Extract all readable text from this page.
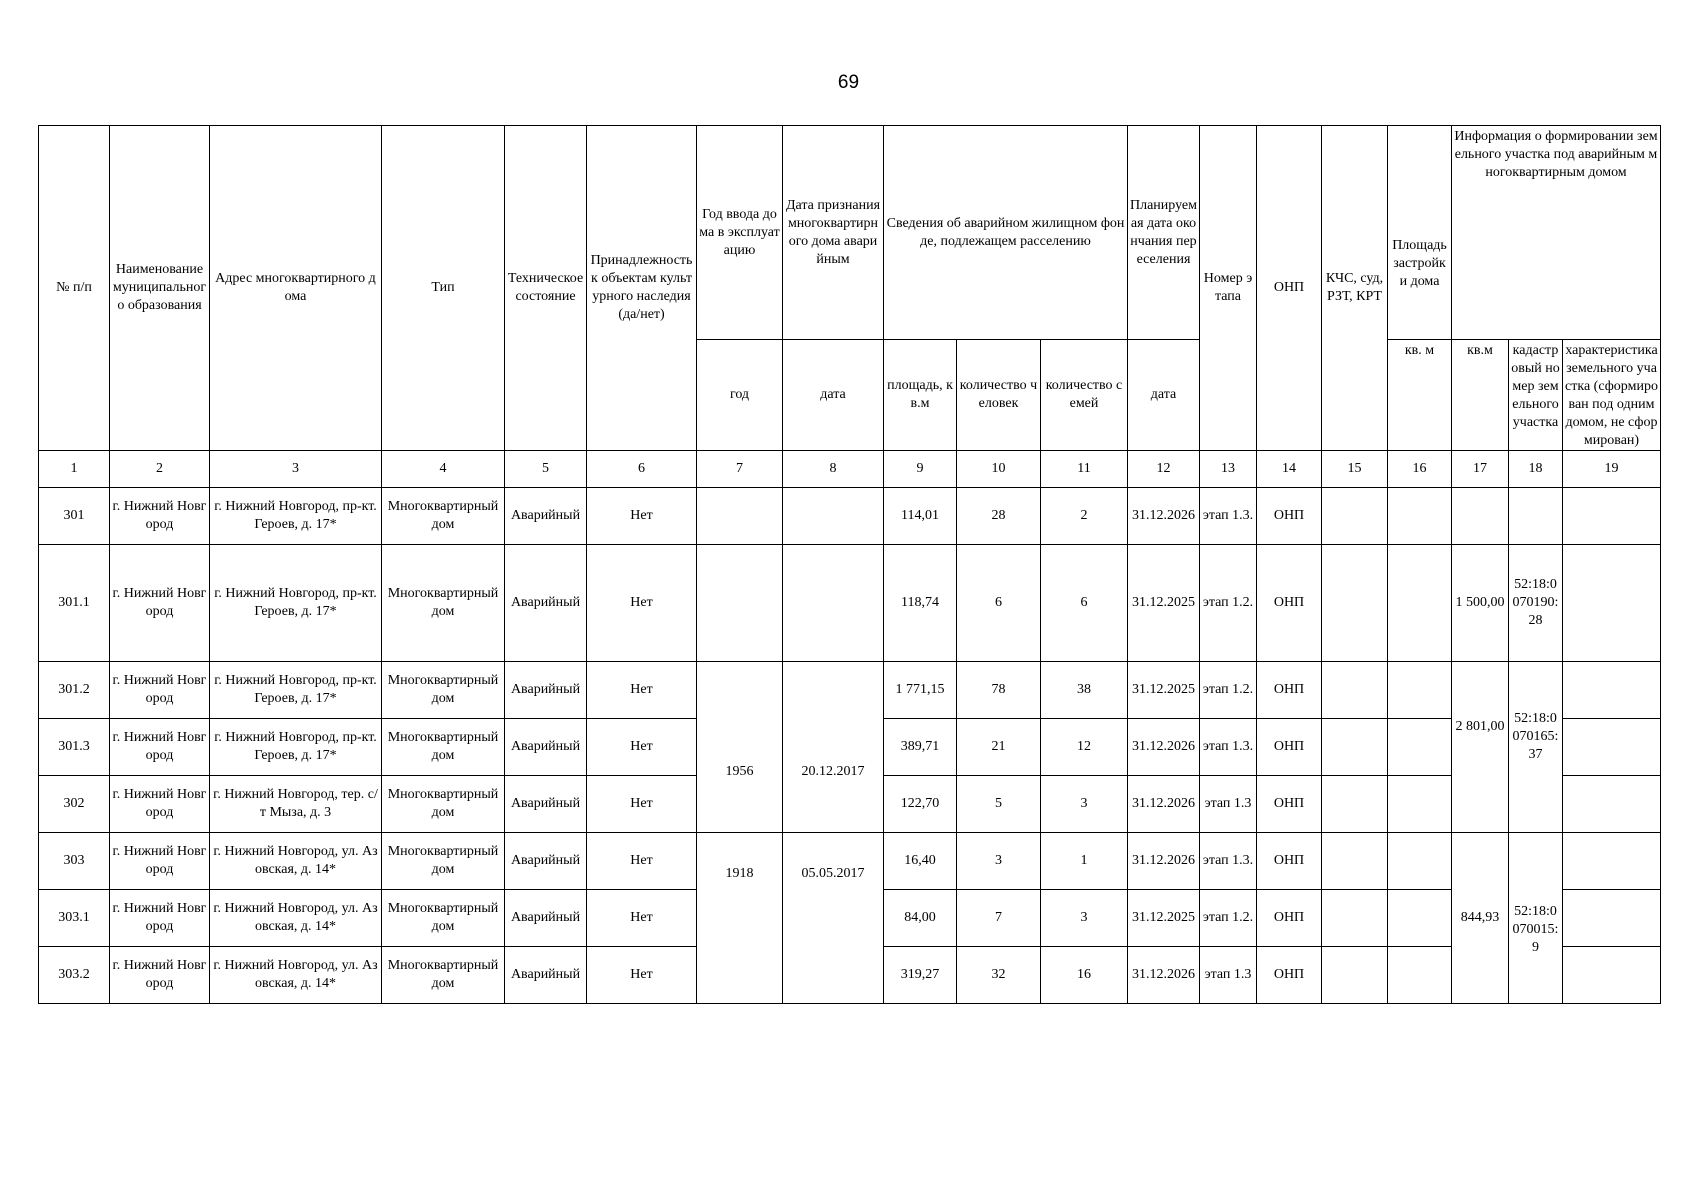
69
№ п/п	Наименование муниципального образования	Адрес многоквартирного дома	Тип	Техническое состояние	Принадлежность к объектам культурного наследия (да/нет)	Год ввода дома в эксплуатацию	Дата признания многоквартирного дома аварийным	Сведения об аварийном жилищном фонде, подлежащем расселению			Планируемая дата окончания переселения	Номер этапа	ОНП	КЧС, суд, РЗТ, КРТ	Площадь застройки дома	Информация о формировании земельного участка под аварийным многоквартирным домом		
						год	дата	площадь, кв.м	количество человек	количество семей	дата				кв. м	кв.м	кадастровый номер земельного участка	характеристика земельного участка (сформирован под одним домом, не сформирован)
1	2	3	4	5	6	7	8	9	10	11	12	13	14	15	16	17	18	19
301	г. Нижний Новгород	г. Нижний Новгород, пр-кт. Героев, д. 17*	Многоквартирный дом	Аварийный	Нет			114,01	28	2	31.12.2026	этап 1.3.	ОНП					
301.1	г. Нижний Новгород	г. Нижний Новгород, пр-кт. Героев, д. 17*	Многоквартирный дом	Аварийный	Нет			118,74	6	6	31.12.2025	этап 1.2.	ОНП			1 500,00	52:18:0070190:28	
301.2	г. Нижний Новгород	г. Нижний Новгород, пр-кт. Героев, д. 17*	Многоквартирный дом	Аварийный	Нет	1956	20.12.2017	1 771,15	78	38	31.12.2025	этап 1.2.	ОНП			2 801,00	52:18:0070165:37	
301.3	г. Нижний Новгород	г. Нижний Новгород, пр-кт. Героев, д. 17*	Многоквартирный дом	Аварийный	Нет			389,71	21	12	31.12.2026	этап 1.3.	ОНП					
302	г. Нижний Новгород	г. Нижний Новгород, тер. с/т Мыза, д. 3	Многоквартирный дом	Аварийный	Нет			122,70	5	3	31.12.2026	этап 1.3	ОНП					
303	г. Нижний Новгород	г. Нижний Новгород, ул. Азовская, д. 14*	Многоквартирный дом	Аварийный	Нет	1918	05.05.2017	16,40	3	1	31.12.2026	этап 1.3.	ОНП			844,93	52:18:0070015:9	
303.1	г. Нижний Новгород	г. Нижний Новгород, ул. Азовская, д. 14*	Многоквартирный дом	Аварийный	Нет			84,00	7	3	31.12.2025	этап 1.2.	ОНП					
303.2	г. Нижний Новгород	г. Нижний Новгород, ул. Азовская, д. 14*	Многоквартирный дом	Аварийный	Нет			319,27	32	16	31.12.2026	этап 1.3	ОНП					
